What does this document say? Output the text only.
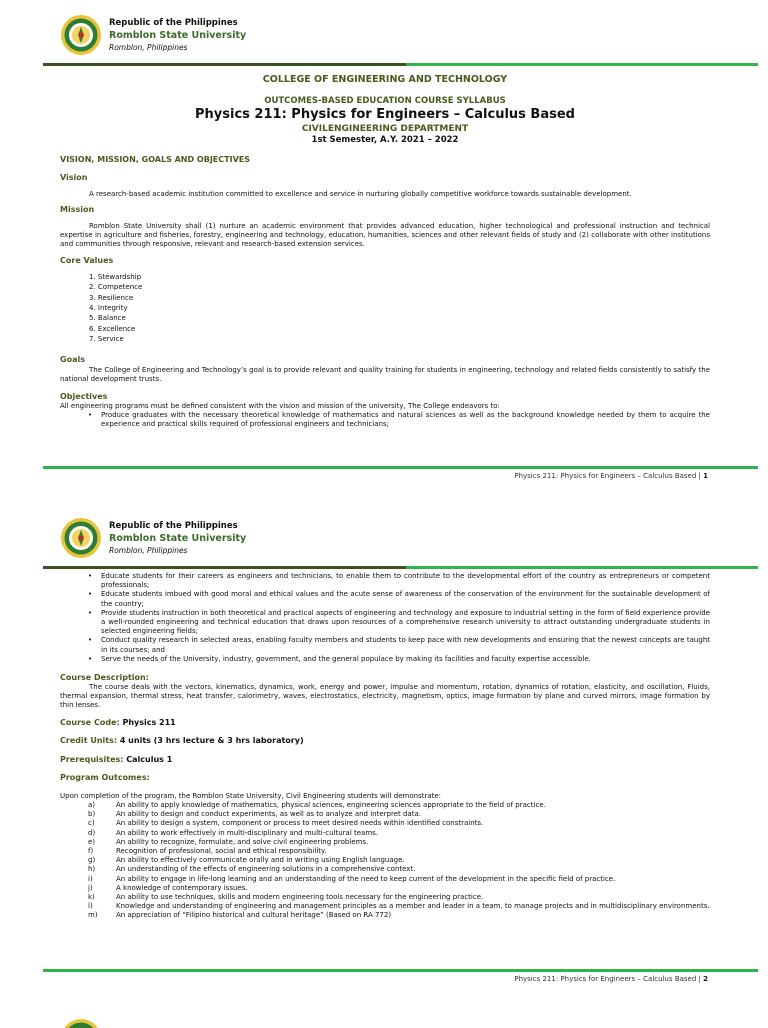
Republic of the Philippines
Romblon State University
Romblon, Philippines
COLLEGE OF ENGINEERING AND TECHNOLOGY
OUTCOMES-BASED EDUCATION COURSE SYLLABUS
Physics 211: Physics for Engineers – Calculus Based
CIVILENGINEERING DEPARTMENT
1st Semester, A.Y. 2021 – 2022
VISION, MISSION, GOALS AND OBJECTIVES
Vision
A research-based academic institution committed to excellence and service in nurturing globally competitive workforce towards sustainable development.
Mission
Romblon State University shall (1) nurture an academic environment that provides advanced education, higher technological and professional instruction and technical expertise in agriculture and fisheries, forestry, engineering and technology, education, humanities, sciences and other relevant fields of study and (2) collaborate with other institutions and communities through responsive, relevant and research-based extension services.
Core Values
1. Stewardship
2. Competence
3. Resilience
4. Integrity
5. Balance
6. Excellence
7. Service
Goals
The College of Engineering and Technology’s goal is to provide relevant and quality training for students in engineering, technology and related fields consistently to satisfy the national development trusts.
Objectives
All engineering programs must be defined consistent with the vision and mission of the university, The College endeavors to:
• Produce graduates with the necessary theoretical knowledge of mathematics and natural sciences as well as the background knowledge needed by them to acquire the experience and practical skills required of professional engineers and technicians;
Physics 211: Physics for Engineers – Calculus Based | 1
Republic of the Philippines
Romblon State University
Romblon, Philippines
• Educate students for their careers as engineers and technicians, to enable them to contribute to the developmental effort of the country as entrepreneurs or competent professionals;
• Educate students imbued with good moral and ethical values and the acute sense of awareness of the conservation of the environment for the sustainable development of the country;
• Provide students instruction in both theoretical and practical aspects of engineering and technology and exposure to industrial setting in the form of field experience provide a well-rounded engineering and technical education that draws upon resources of a comprehensive research university to attract outstanding undergraduate students in selected engineering fields;
• Conduct quality research in selected areas, enabling faculty members and students to keep pace with new developments and ensuring that the newest concepts are taught in its courses; and
• Serve the needs of the University, industry, government, and the general populace by making its facilities and faculty expertise accessible.
Course Description:
The course deals with the vectors, kinematics, dynamics, work, energy and power, impulse and momentum, rotation, dynamics of rotation, elasticity, and oscillation, Fluids, thermal expansion, thermal stress, heat transfer, calorimetry, waves, electrostatics, electricity, magnetism, optics, image formation by plane and curved mirrors, image formation by thin lenses.
Course Code: Physics 211
Credit Units: 4 units (3 hrs lecture & 3 hrs laboratory)
Prerequisites: Calculus 1
Program Outcomes:
Upon completion of the program, the Romblon State University, Civil Engineering students will demonstrate:
a)	An ability to apply knowledge of mathematics, physical sciences, engineering sciences appropriate to the field of practice.
b)	An ability to design and conduct experiments, as well as to analyze and interpret data.
c)	An ability to design a system, component or process to meet desired needs within identified constraints.
d)	An ability to work effectively in multi-disciplinary and multi-cultural teams.
e)	An ability to recognize, formulate, and solve civil engineering problems.
f)	Recognition of professional, social and ethical responsibility.
g)	An ability to effectively communicate orally and in writing using English language.
h)	An understanding of the effects of engineering solutions in a comprehensive context.
i)	An ability to engage in life-long learning and an understanding of the need to keep current of the development in the specific field of practice.
j)	A knowledge of contemporary issues.
k)	An ability to use techniques, skills and modern engineering tools necessary for the engineering practice.
l)	Knowledge and understanding of engineering and management principles as a member and leader in a team, to manage projects and in multidisciplinary environments.
m)	An appreciation of “Filipino historical and cultural heritage” (Based on RA 772)
Physics 211: Physics for Engineers – Calculus Based | 2
